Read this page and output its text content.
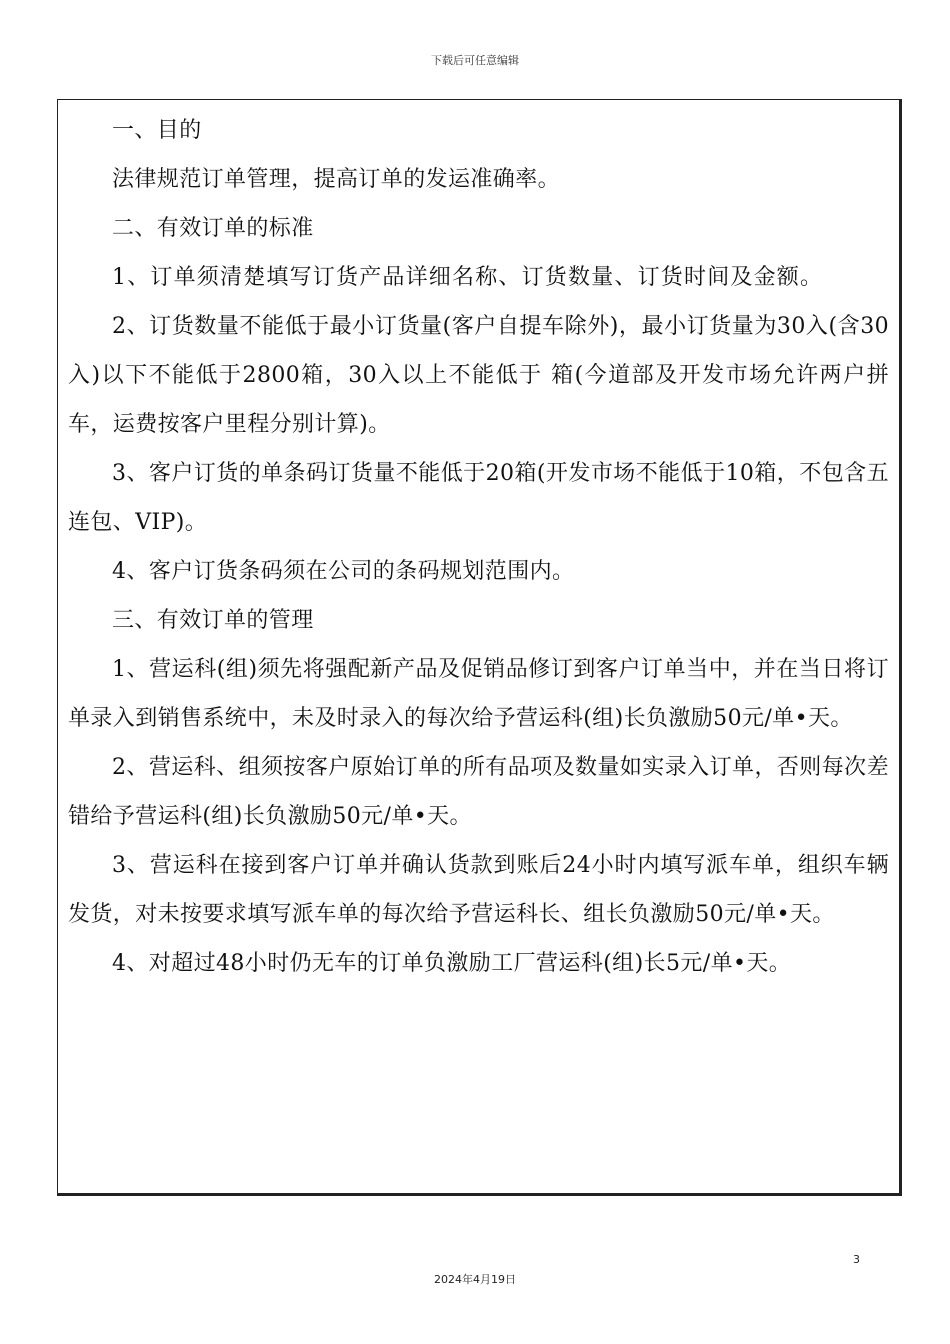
下载后可任意编辑

一、目的

法律规范订单管理，提高订单的发运准确率。

二、有效订单的标准

1、订单须清楚填写订货产品详细名称、订货数量、订货时间及金额。

2、订货数量不能低于最小订货量(客户自提车除外)，最小订货量为30入(含30入)以下不能低于2800箱，30入以上不能低于 箱(今道部及开发市场允许两户拼车，运费按客户里程分别计算)。

3、客户订货的单条码订货量不能低于20箱(开发市场不能低于10箱，不包含五连包、VIP)。

4、客户订货条码须在公司的条码规划范围内。

三、有效订单的管理

1、营运科(组)须先将强配新产品及促销品修订到客户订单当中，并在当日将订单录入到销售系统中，未及时录入的每次给予营运科(组)长负激励50元/单•天。

2、营运科、组须按客户原始订单的所有品项及数量如实录入订单，否则每次差错给予营运科(组)长负激励50元/单•天。

3、营运科在接到客户订单并确认货款到账后24小时内填写派车单，组织车辆发货，对未按要求填写派车单的每次给予营运科长、组长负激励50元/单•天。

4、对超过48小时仍无车的订单负激励工厂营运科(组)长5元/单•天。

3
2024年4月19日
